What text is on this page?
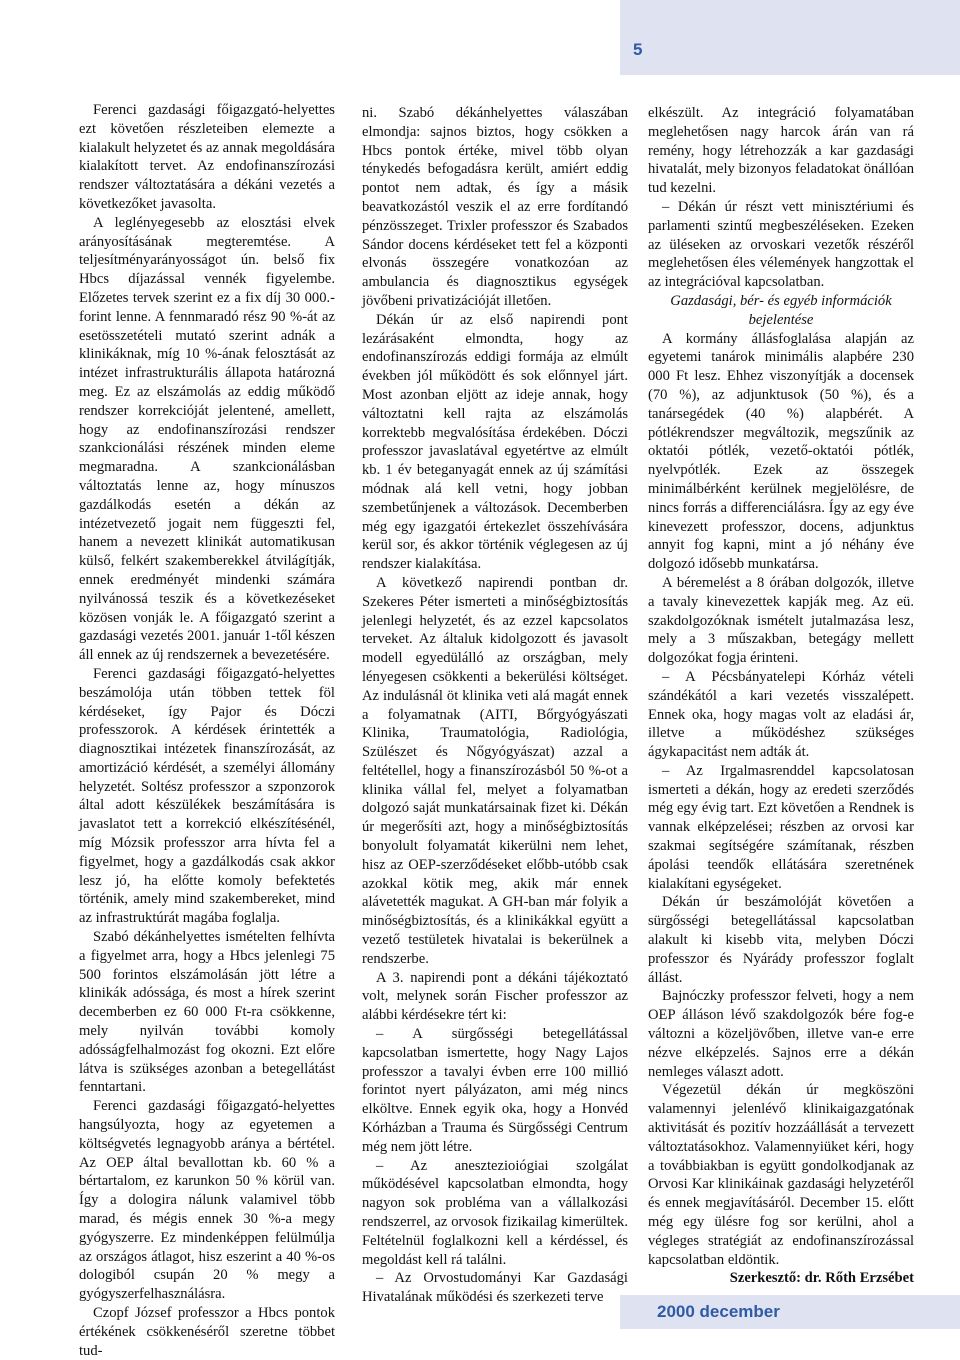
5

Ferenci gazdasági főigazgató-helyettes ezt követően részleteiben elemezte a kialakult helyzetet és az annak megoldására kialakított tervet. Az endofinanszírozási rendszer változtatására a dékáni vezetés a következőket javasolta.

A leglényegesebb az elosztási elvek arányosításának megteremtése. A teljesítményarányosságot ún. belső fix Hbcs díjazással vennék figyelembe. Előzetes tervek szerint ez a fix díj 30 000.- forint lenne. A fennmaradó rész 90 %-át az esetösszetételi mutató szerint adnák a klinikáknak, míg 10 %-ának felosztását az intézet infrastrukturális állapota határozná meg. Ez az elszámolás az eddig működő rendszer korrekcióját jelentené, amellett, hogy az endofinanszírozási rendszer szankcionálási részének minden eleme megmaradna. A szankcionálásban változtatás lenne az, hogy mínuszos gazdálkodás esetén a dékán az intézetvezető jogait nem függeszti fel, hanem a nevezett klinikát automatikusan külső, felkért szakemberekkel átvilágítják, ennek eredményét mindenki számára nyilvánossá teszik és a következéseket közösen vonják le. A főigazgató szerint a gazdasági vezetés 2001. január 1-től készen áll ennek az új rendszernek a bevezetésére.

Ferenci gazdasági főigazgató-helyettes beszámolója után többen tettek föl kérdéseket, így Pajor és Dóczi professzorok. A kérdések érintették a diagnosztikai intézetek finanszírozását, az amortizáció kérdését, a személyi állomány helyzetét. Soltész professzor a szponzorok által adott készülékek beszámítására is javaslatot tett a korrekció elkészítésénél, míg Mózsik professzor arra hívta fel a figyelmet, hogy a gazdálkodás csak akkor lesz jó, ha előtte komoly befektetés történik, amely mind szakembereket, mind az infrastruktúrát magába foglalja.

Szabó dékánhelyettes ismételten felhívta a figyelmet arra, hogy a Hbcs jelenlegi 75 500 forintos elszámolásán jött létre a klinikák adóssága, és most a hírek szerint decemberben ez 60 000 Ft-ra csökkenne, mely nyilván további komoly adósságfelhalmozást fog okozni. Ezt előre látva is szükséges azonban a betegellátást fenntartani.

Ferenci gazdasági főigazgató-helyettes hangsúlyozta, hogy az egyetemen a költségvetés legnagyobb aránya a bértétel. Az OEP által bevallottan kb. 60 % a bértartalom, ez karunkon 50 % körül van. Így a dologira nálunk valamivel több marad, és mégis ennek 30 %-a megy gyógyszerre. Ez mindenképpen felülmúlja az országos átlagot, hisz eszerint a 40 %-os dologiból csupán 20 % megy a gyógyszerfelhasználásra.

Czopf József professzor a Hbcs pontok értékének csökkenéséről szeretne többet tud-

ni. Szabó dékánhelyettes válaszában elmondja: sajnos biztos, hogy csökken a Hbcs pontok értéke, mivel több olyan ténykedés befogadásra került, amiért eddig pontot nem adtak, és így a másik beavatkozástól veszik el az erre fordítandó pénzösszeget. Trixler professzor és Szabados Sándor docens kérdéseket tett fel a központi elvonás összegére vonatkozóan az ambulancia és diagnosztikus egységek jövőbeni privatizációját illetően.

Dékán úr az első napirendi pont lezárásaként elmondta, hogy az endofinanszírozás eddigi formája az elmúlt években jól működött és sok előnnyel járt. Most azonban eljött az ideje annak, hogy változtatni kell rajta az elszámolás korrektebb megvalósítása érdekében. Dóczi professzor javaslatával egyetértve az elmúlt kb. 1 év beteganyagát ennek az új számítási módnak alá kell vetni, hogy jobban szembetűnjenek a változások. Decemberben még egy igazgatói értekezlet összehívására kerül sor, és akkor történik véglegesen az új rendszer kialakítása.

A következő napirendi pontban dr. Szekeres Péter ismerteti a minőségbiztosítás jelenlegi helyzetét, és az ezzel kapcsolatos terveket. Az általuk kidolgozott és javasolt modell egyedülálló az országban, mely lényegesen csökkenti a bekerülési költséget. Az indulásnál öt klinika veti alá magát ennek a folyamatnak (AITI, Bőrgyógyászati Klinika, Traumatológia, Radiológia, Szülészet és Nőgyógyászat) azzal a feltétellel, hogy a finanszírozásból 50 %-ot a klinika vállal fel, melyet a folyamatban dolgozó saját munkatársainak fizet ki. Dékán úr megerősíti azt, hogy a minőségbiztosítás bonyolult folyamatát kikerülni nem lehet, hisz az OEP-szerződéseket előbb-utóbb csak azokkal kötik meg, akik már ennek alávetették magukat. A GH-ban már folyik a minőségbiztosítás, és a klinikákkal együtt a vezető testületek hivatalai is bekerülnek a rendszerbe.

A 3. napirendi pont a dékáni tájékoztató volt, melynek során Fischer professzor az alábbi kérdésekre tért ki:

– A sürgősségi betegellátással kapcsolatban ismertette, hogy Nagy Lajos professzor a tavalyi évben erre 100 millió forintot nyert pályázaton, ami még nincs elköltve. Ennek egyik oka, hogy a Honvéd Kórházban a Trauma és Sürgősségi Centrum még nem jött létre.

– Az anesztezioiógiai szolgálat működésével kapcsolatban elmondta, hogy nagyon sok probléma van a vállalkozási rendszerrel, az orvosok fizikailag kimerültek. Feltételnül foglalkozni kell a kérdéssel, és megoldást kell rá találni.

– Az Orvostudományi Kar Gazdasági Hivatalának működési és szerkezeti terve

elkészült. Az integráció folyamatában meglehetősen nagy harcok árán van rá remény, hogy létrehozzák a kar gazdasági hivatalát, mely bizonyos feladatokat önállóan tud kezelni.

– Dékán úr részt vett minisztériumi és parlamenti szintű megbeszéléseken. Ezeken az üléseken az orvoskari vezetők részéről meglehetősen éles vélemények hangzottak el az integrációval kapcsolatban.

Gazdasági, bér- és egyéb információk bejelentése

A kormány állásfoglalása alapján az egyetemi tanárok minimális alapbére 230 000 Ft lesz. Ehhez viszonyítják a docensek (70 %), az adjunktusok (50 %), és a tanársegédek (40 %) alapbérét. A pótlékrendszer megváltozik, megszűnik az oktatói pótlék, vezető-oktatói pótlék, nyelvpótlék. Ezek az összegek minimálbérként kerülnek megjelölésre, de nincs forrás a differenciálásra. Így az egy éve kinevezett professzor, docens, adjunktus annyit fog kapni, mint a jó néhány éve dolgozó idősebb munkatársa.

A béremelést a 8 órában dolgozók, illetve a tavaly kinevezettek kapják meg. Az eü. szakdolgozóknak ismételt jutalmazása lesz, mely a 3 műszakban, betegágy mellett dolgozókat fogja érinteni.

– A Pécsbányatelepi Kórház vételi szándékától a kari vezetés visszalépett. Ennek oka, hogy magas volt az eladási ár, illetve a működéshez szükséges ágykapacitást nem adták át.

– Az Irgalmasrenddel kapcsolatosan ismerteti a dékán, hogy az eredeti szerződés még egy évig tart. Ezt követően a Rendnek is vannak elképzelései; részben az orvosi kar szakmai segítségére számítanak, részben ápolási teendők ellátására szeretnének kialakítani egységeket.

Dékán úr beszámolóját követően a sürgősségi betegellátással kapcsolatban alakult ki kisebb vita, melyben Dóczi professzor és Nyárády professzor foglalt állást.

Bajnóczky professzor felveti, hogy a nem OEP álláson lévő szakdolgozók bére fog-e változni a közeljövőben, illetve van-e erre nézve elképzelés. Sajnos erre a dékán nemleges választ adott.

Végezetül dékán úr megköszöni valamennyi jelenlévő klinikaigazgatónak aktivitását és pozitív hozzáállását a tervezett változtatásokhoz. Valamennyiüket kéri, hogy a továbbiakban is együtt gondolkodjanak az Orvosi Kar klinikáinak gazdasági helyzetéről és ennek megjavításáról. December 15. előtt még egy ülésre fog sor kerülni, ahol a végleges stratégiát az endofinanszírozással kapcsolatban eldöntik.

Szerkesztő: dr. Rőth Erzsébet

2000 december
